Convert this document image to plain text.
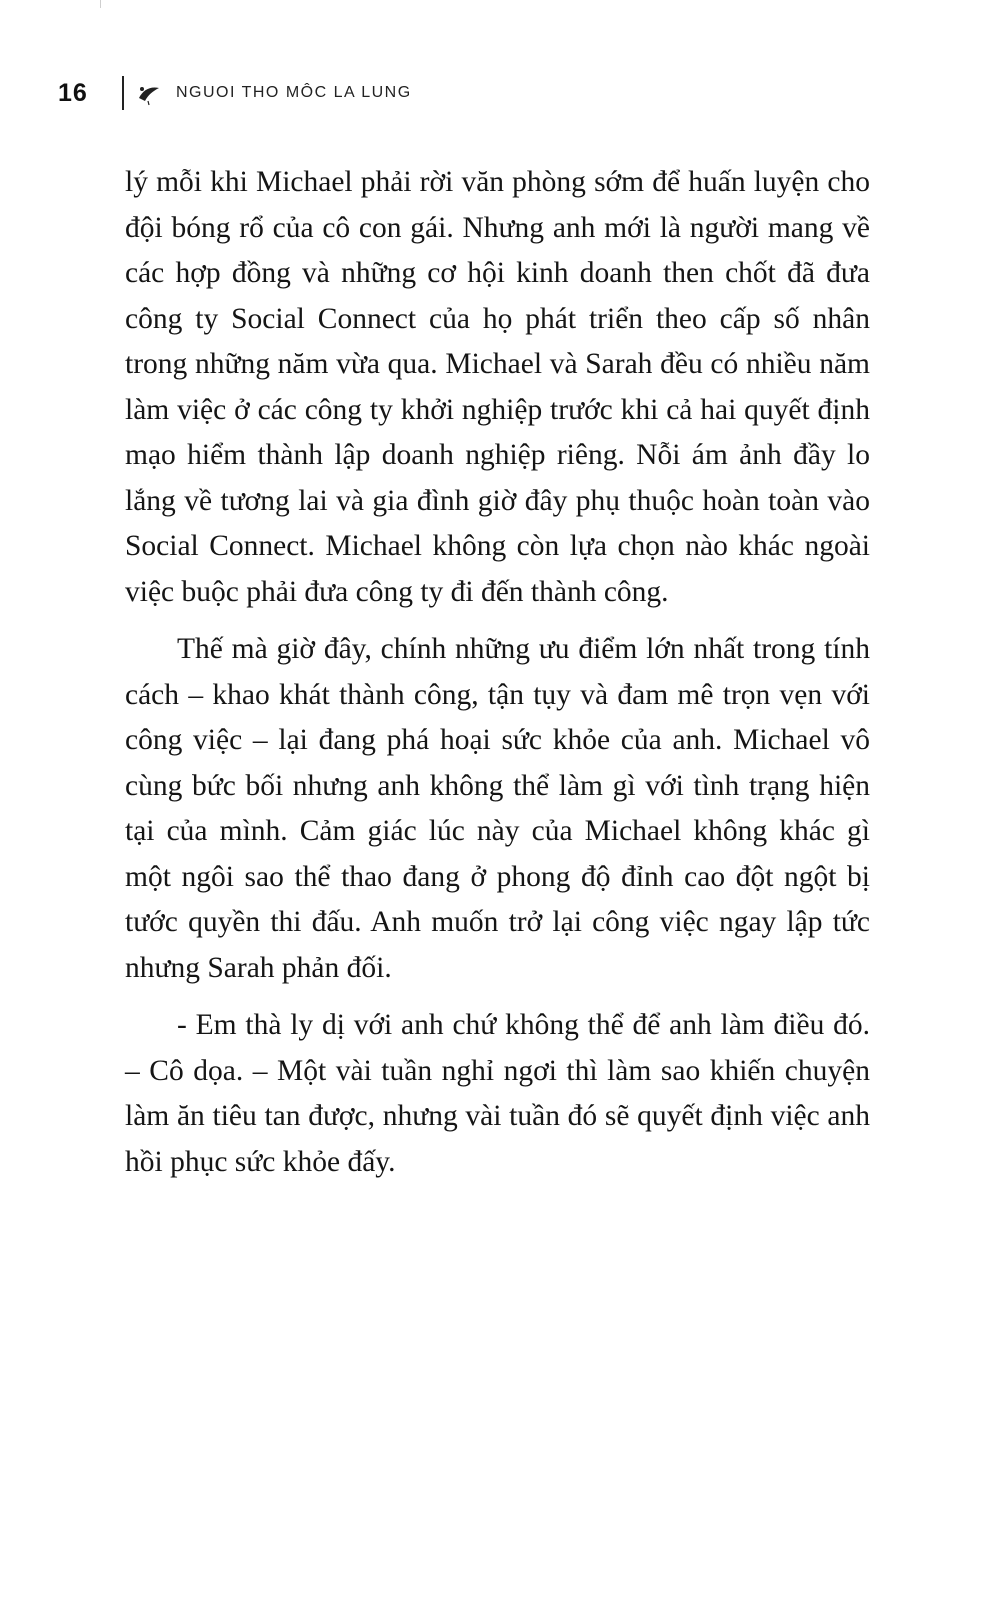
16	NGUOI THO MÔC LA LUNG

lý mỗi khi Michael phải rời văn phòng sớm để huấn luyện cho đội bóng rổ của cô con gái. Nhưng anh mới là người mang về các hợp đồng và những cơ hội kinh doanh then chốt đã đưa công ty Social Connect của họ phát triển theo cấp số nhân trong những năm vừa qua. Michael và Sarah đều có nhiều năm làm việc ở các công ty khởi nghiệp trước khi cả hai quyết định mạo hiểm thành lập doanh nghiệp riêng. Nỗi ám ảnh đầy lo lắng về tương lai và gia đình giờ đây phụ thuộc hoàn toàn vào Social Connect. Michael không còn lựa chọn nào khác ngoài việc buộc phải đưa công ty đi đến thành công.

Thế mà giờ đây, chính những ưu điểm lớn nhất trong tính cách – khao khát thành công, tận tụy và đam mê trọn vẹn với công việc – lại đang phá hoại sức khỏe của anh. Michael vô cùng bức bối nhưng anh không thể làm gì với tình trạng hiện tại của mình. Cảm giác lúc này của Michael không khác gì một ngôi sao thể thao đang ở phong độ đỉnh cao đột ngột bị tước quyền thi đấu. Anh muốn trở lại công việc ngay lập tức nhưng Sarah phản đối.

- Em thà ly dị với anh chứ không thể để anh làm điều đó. – Cô dọa. – Một vài tuần nghỉ ngơi thì làm sao khiến chuyện làm ăn tiêu tan được, nhưng vài tuần đó sẽ quyết định việc anh hồi phục sức khỏe đấy.
